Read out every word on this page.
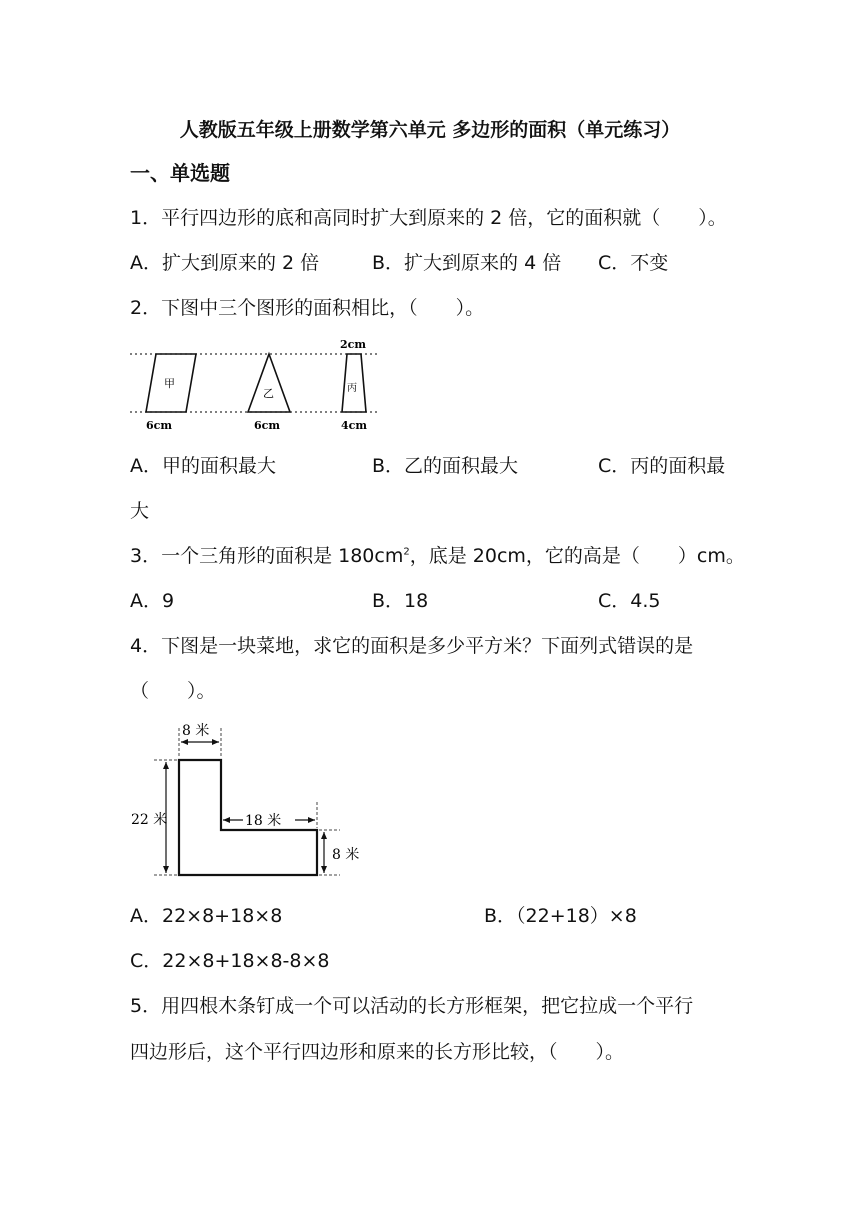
人教版五年级上册数学第六单元 多边形的面积（单元练习）
一、单选题
1．平行四边形的底和高同时扩大到原来的 2 倍，它的面积就（　　）。
A．扩大到原来的 2 倍	B．扩大到原来的 4 倍 C．不变
2．下图中三个图形的面积相比，（　　）。
甲
乙	丙
2cm
6cm	6cm	4cm
A．甲的面积最大	B．乙的面积最大	C．丙的面积最
大
3．一个三角形的面积是 $180cm^2$，底是 20cm，它的高是（　　）cm。
A．9	B．18	C．4.5
4．下图是一块菜地，求它的面积是多少平方米？下面列式错误的是
（　　）。
8 米
22 米	18 米
8 米
A．22×8+18×8	B．（22+18）×8
C．22×8+18×8-8×8
5．用四根木条钉成一个可以活动的长方形框架，把它拉成一个平行
四边形后，这个平行四边形和原来的长方形比较，（　　）。
